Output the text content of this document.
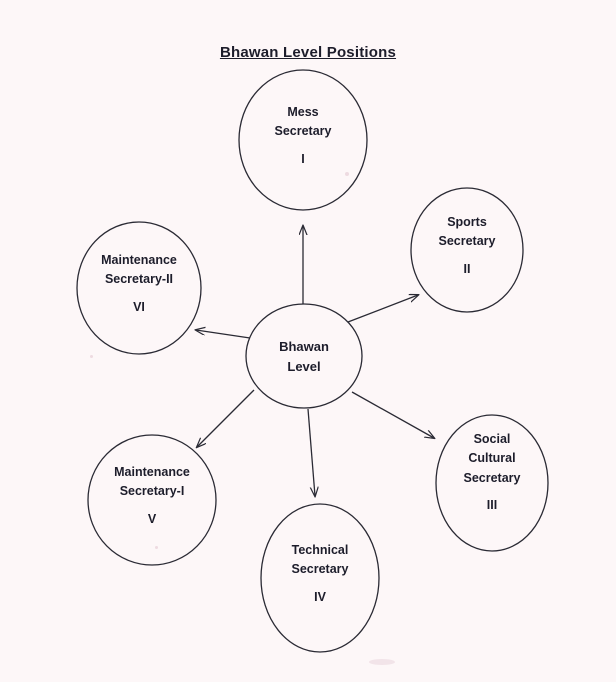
Bhawan Level Positions
Mess
Secretary
I
Sports
Secretary
II
Social
Cultural
Secretary
III
Technical
Secretary
IV
Maintenance
Secretary-I
V
Maintenance
Secretary-II
VI
Bhawan
Level
